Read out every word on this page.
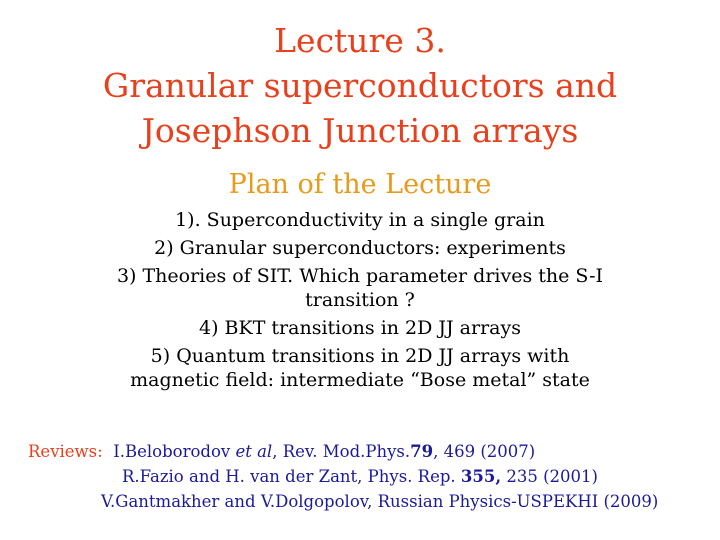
Lecture 3.
Granular superconductors and
Josephson Junction arrays
Plan of the Lecture
1). Superconductivity in a single grain
2) Granular superconductors: experiments
3) Theories of SIT. Which parameter drives the S-I
transition ?
4) BKT transitions in 2D JJ arrays
5) Quantum transitions in 2D JJ arrays with
magnetic field: intermediate “Bose metal” state
Reviews: I.Beloborodov et al, Rev. Mod.Phys.79, 469 (2007)
R.Fazio and H. van der Zant, Phys. Rep. 355, 235 (2001)
V.Gantmakher and V.Dolgopolov, Russian Physics-USPEKHI (2009)
